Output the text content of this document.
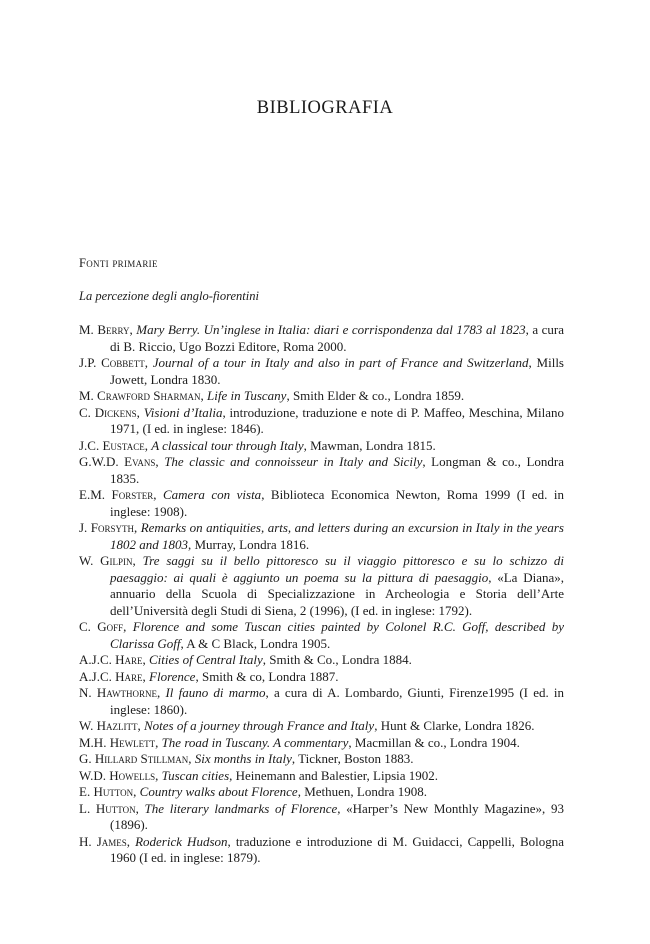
BIBLIOGRAFIA
Fonti primarie
La percezione degli anglo-fiorentini
M. Berry, Mary Berry. Un’inglese in Italia: diari e corrispondenza dal 1783 al 1823, a cura di B. Riccio, Ugo Bozzi Editore, Roma 2000.
J.P. Cobbett, Journal of a tour in Italy and also in part of France and Switzerland, Mills Jowett, Londra 1830.
M. Crawford Sharman, Life in Tuscany, Smith Elder & co., Londra 1859.
C. Dickens, Visioni d’Italia, introduzione, traduzione e note di P. Maffeo, Meschina, Milano 1971, (I ed. in inglese: 1846).
J.C. Eustace, A classical tour through Italy, Mawman, Londra 1815.
G.W.D. Evans, The classic and connoisseur in Italy and Sicily, Longman & co., Londra 1835.
E.M. Forster, Camera con vista, Biblioteca Economica Newton, Roma 1999 (I ed. in inglese: 1908).
J. Forsyth, Remarks on antiquities, arts, and letters during an excursion in Italy in the years 1802 and 1803, Murray, Londra 1816.
W. Gilpin, Tre saggi su il bello pittoresco su il viaggio pittoresco e su lo schizzo di paesaggio: ai quali è aggiunto un poema su la pittura di paesaggio, «La Diana», annuario della Scuola di Specializzazione in Archeologia e Storia dell’Arte dell’Università degli Studi di Siena, 2 (1996), (I ed. in inglese: 1792).
C. Goff, Florence and some Tuscan cities painted by Colonel R.C. Goff, described by Clarissa Goff, A & C Black, Londra 1905.
A.J.C. Hare, Cities of Central Italy, Smith & Co., Londra 1884.
A.J.C. Hare, Florence, Smith & co, Londra 1887.
N. Hawthorne, Il fauno di marmo, a cura di A. Lombardo, Giunti, Firenze1995 (I ed. in inglese: 1860).
W. Hazlitt, Notes of a journey through France and Italy, Hunt & Clarke, Londra 1826.
M.H. Hewlett, The road in Tuscany. A commentary, Macmillan & co., Londra 1904.
G. Hillard Stillman, Six months in Italy, Tickner, Boston 1883.
W.D. Howells, Tuscan cities, Heinemann and Balestier, Lipsia 1902.
E. Hutton, Country walks about Florence, Methuen, Londra 1908.
L. Hutton, The literary landmarks of Florence, «Harper’s New Monthly Magazine», 93 (1896).
H. James, Roderick Hudson, traduzione e introduzione di M. Guidacci, Cappelli, Bologna 1960 (I ed. in inglese: 1879).
